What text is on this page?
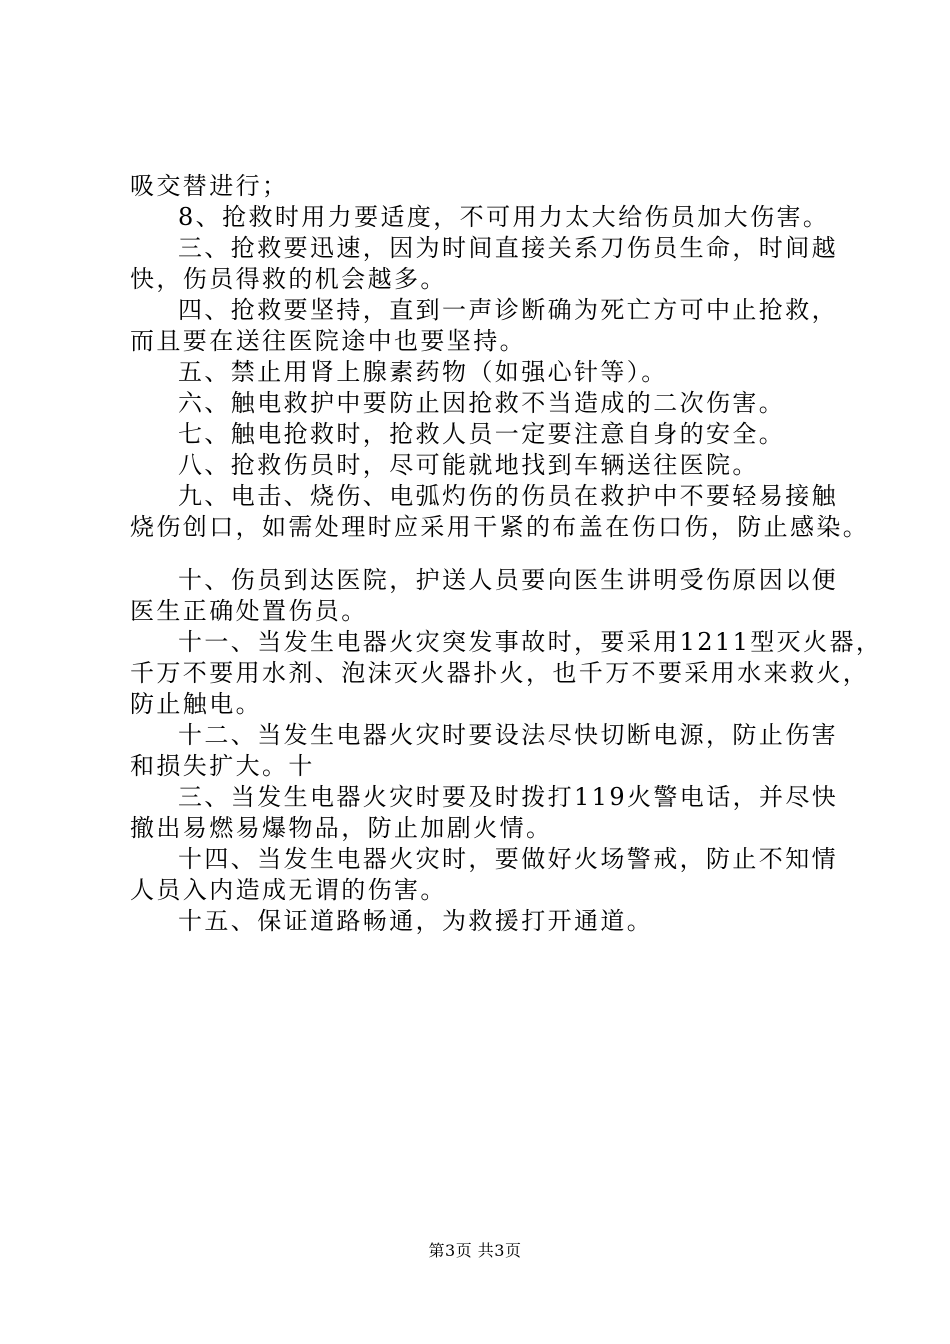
吸交替进行；
8、抢救时用力要适度，不可用力太大给伤员加大伤害。
三、抢救要迅速，因为时间直接关系刀伤员生命，时间越
快，伤员得救的机会越多。
四、抢救要坚持，直到一声诊断确为死亡方可中止抢救，
而且要在送往医院途中也要坚持。
五、禁止用肾上腺素药物（如强心针等）。
六、触电救护中要防止因抢救不当造成的二次伤害。
七、触电抢救时，抢救人员一定要注意自身的安全。
八、抢救伤员时，尽可能就地找到车辆送往医院。
九、电击、烧伤、电弧灼伤的伤员在救护中不要轻易接触
烧伤创口，如需处理时应采用干紧的布盖在伤口伤，防止感染。
十、伤员到达医院，护送人员要向医生讲明受伤原因以便
医生正确处置伤员。
十一、当发生电器火灾突发事故时，要采用1211型灭火器，
千万不要用水剂、泡沫灭火器扑火，也千万不要采用水来救火，
防止触电。
十二、当发生电器火灾时要设法尽快切断电源，防止伤害
和损失扩大。十
三、当发生电器火灾时要及时拨打119火警电话，并尽快
撤出易燃易爆物品，防止加剧火情。
十四、当发生电器火灾时，要做好火场警戒，防止不知情
人员入内造成无谓的伤害。
十五、保证道路畅通，为救援打开通道。
第3页 共3页
